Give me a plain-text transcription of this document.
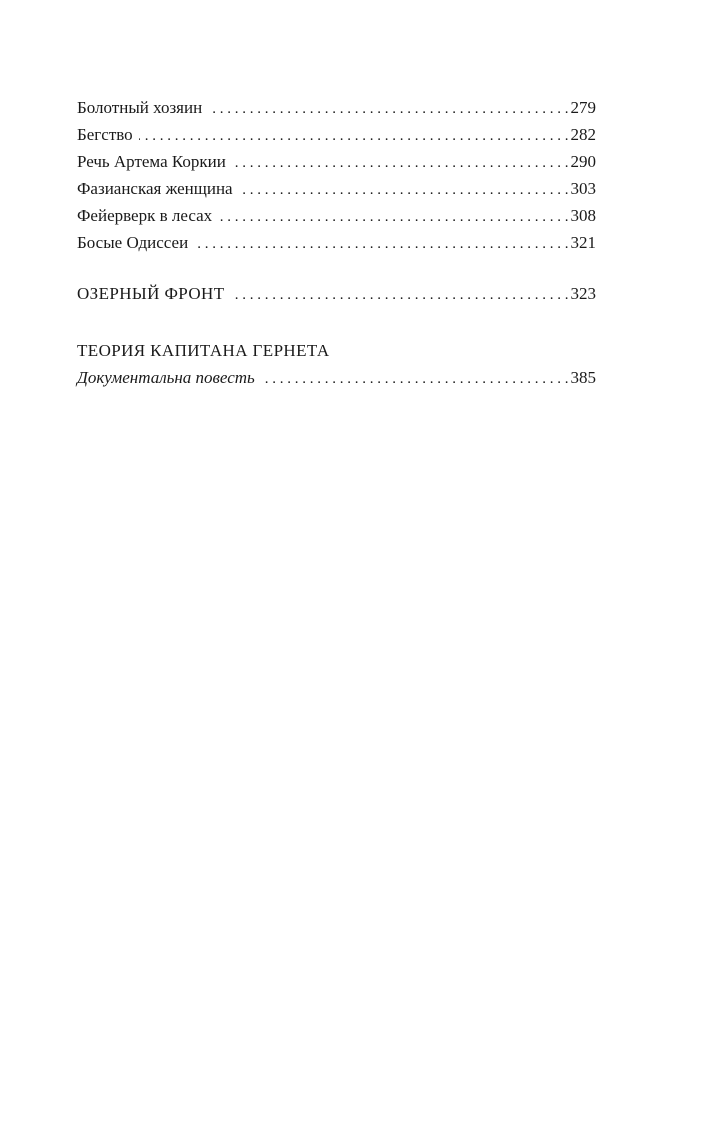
Болотный хозяин . . .	279
Бегство . . .	282
Речь Артема Коркии . . .	290
Фазианская женщина . . .	303
Фейерверк в лесах . . .	308
Босые Одиссеи . . .	321
ОЗЕРНЫЙ ФРОНТ . . .	323
ТЕОРИЯ КАПИТАНА ГЕРНЕТА
Документальна повесть . . .	385
